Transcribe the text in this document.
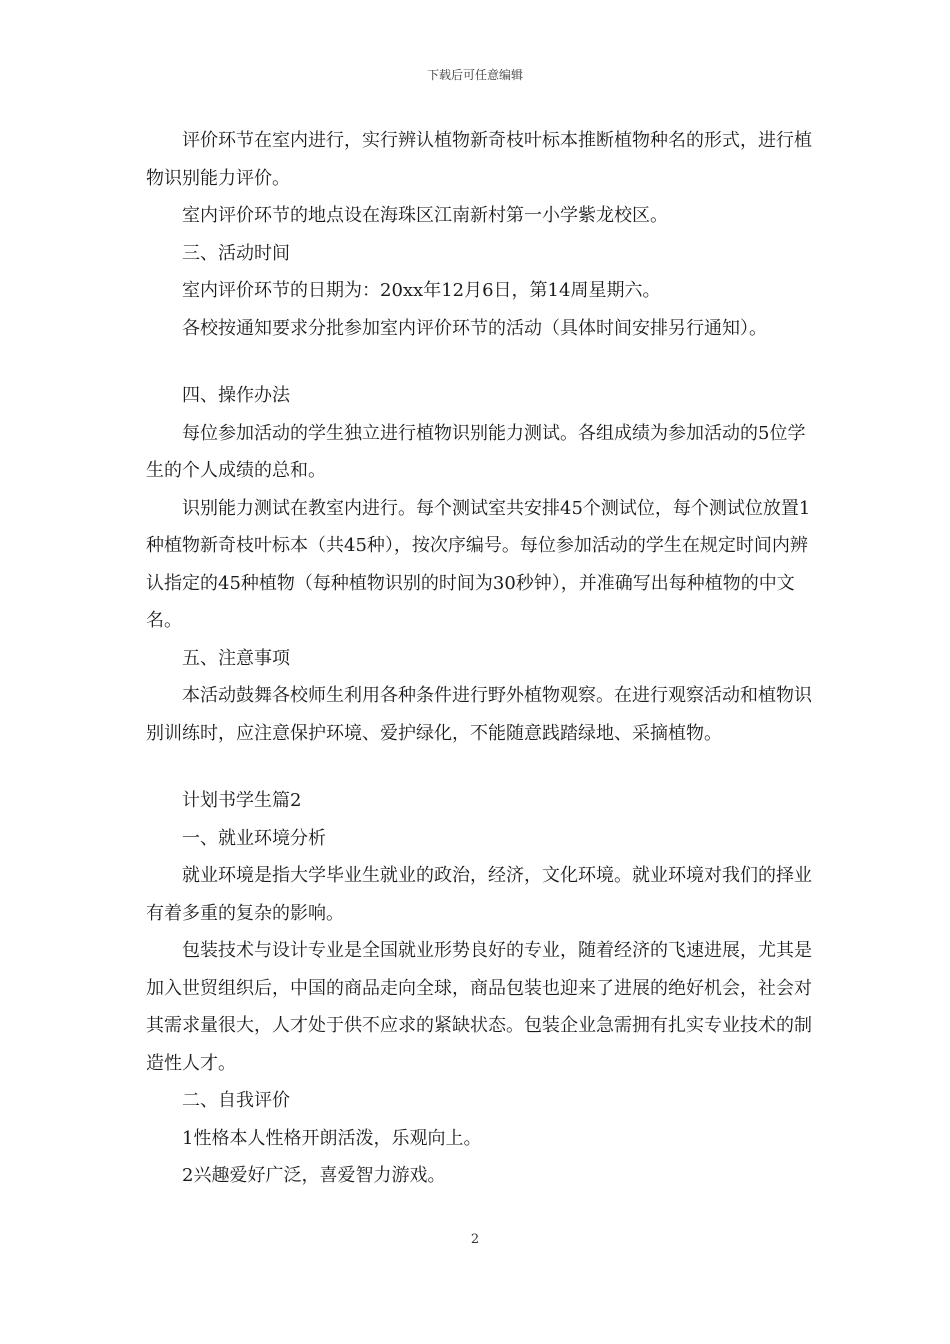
下载后可任意编辑

评价环节在室内进行，实行辨认植物新奇枝叶标本推断植物种名的形式，进行植物识别能力评价。

室内评价环节的地点设在海珠区江南新村第一小学紫龙校区。

三、活动时间

室内评价环节的日期为：20xx年12月6日，第14周星期六。

各校按通知要求分批参加室内评价环节的活动（具体时间安排另行通知）。

四、操作办法

每位参加活动的学生独立进行植物识别能力测试。各组成绩为参加活动的5位学生的个人成绩的总和。

识别能力测试在教室内进行。每个测试室共安排45个测试位，每个测试位放置1种植物新奇枝叶标本（共45种），按次序编号。每位参加活动的学生在规定时间内辨认指定的45种植物（每种植物识别的时间为30秒钟），并准确写出每种植物的中文名。

五、注意事项

本活动鼓舞各校师生利用各种条件进行野外植物观察。在进行观察活动和植物识别训练时，应注意保护环境、爱护绿化，不能随意践踏绿地、采摘植物。

计划书学生篇2

一、就业环境分析

就业环境是指大学毕业生就业的政治，经济，文化环境。就业环境对我们的择业有着多重的复杂的影响。

包装技术与设计专业是全国就业形势良好的专业，随着经济的飞速进展，尤其是加入世贸组织后，中国的商品走向全球，商品包装也迎来了进展的绝好机会，社会对其需求量很大，人才处于供不应求的紧缺状态。包装企业急需拥有扎实专业技术的制造性人才。

二、自我评价

1性格本人性格开朗活泼，乐观向上。

2兴趣爱好广泛，喜爱智力游戏。

2
